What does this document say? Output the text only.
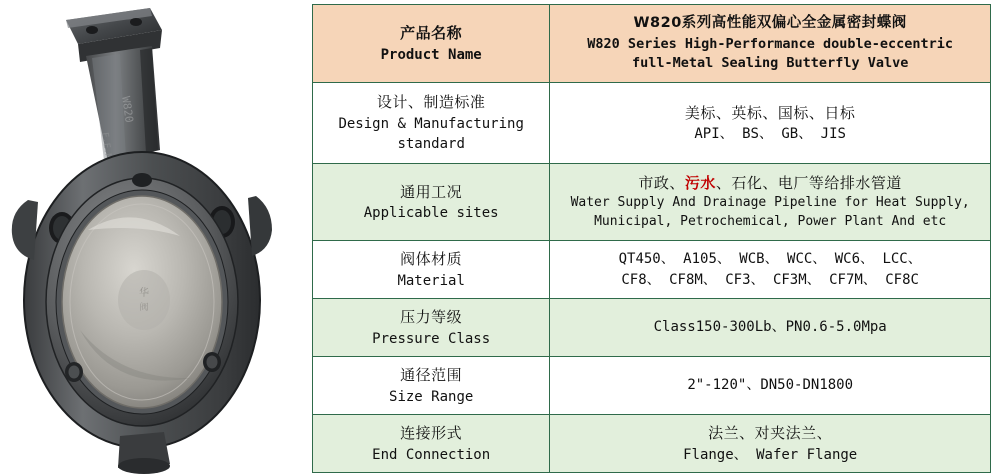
W820
F.E.M
华
阀
产品名称
Product Name

W820系列高性能双偏心全金属密封蝶阀
W820 Series High-Performance double-eccentric
full-Metal Sealing Butterfly Valve

设计、制造标准
Design & Manufacturing
standard

美标、英标、国标、日标
API、 BS、 GB、 JIS

通用工况
Applicable sites

市政、污水、石化、电厂等给排水管道
Water Supply And Drainage Pipeline for Heat Supply,
Municipal, Petrochemical, Power Plant And etc

阀体材质
Material

QT450、 A105、 WCB、 WCC、 WC6、 LCC、
CF8、 CF8M、 CF3、 CF3M、 CF7M、 CF8C

压力等级
Pressure Class	Class150-300Lb、PN0.6-5.0Mpa

通径范围
Size Range	2"-120"、DN50-DN1800

连接形式
End Connection

法兰、对夹法兰、
Flange、 Wafer Flange
